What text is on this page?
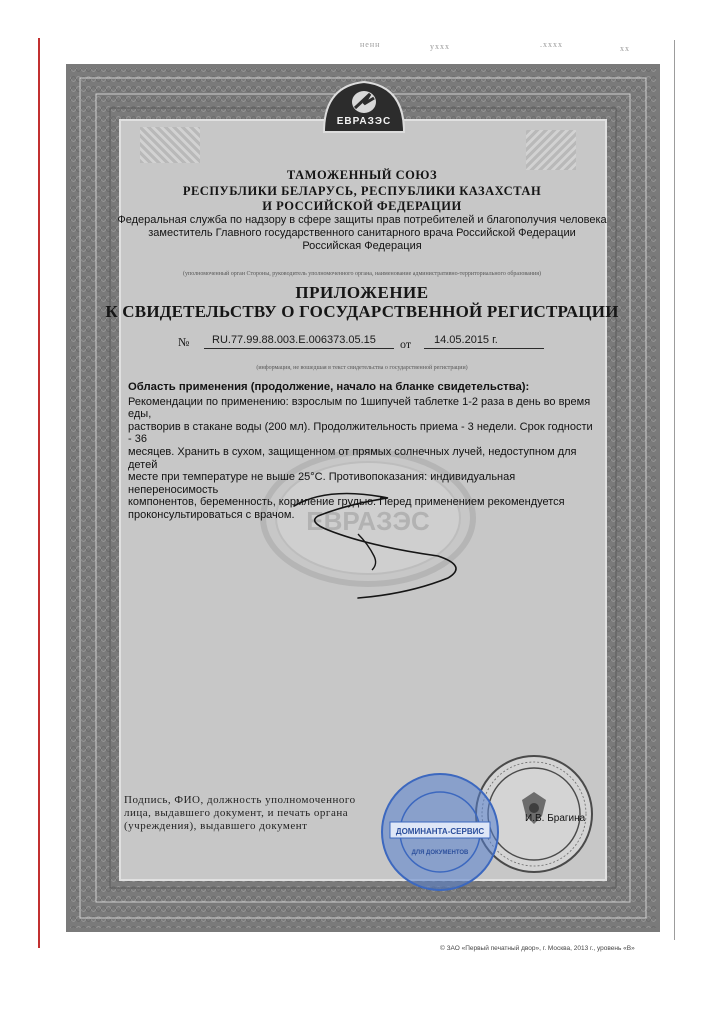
ненн	уххх	.хххх	хх
ЕВРАЗЭС
ТАМОЖЕННЫЙ СОЮЗ
РЕСПУБЛИКИ БЕЛАРУСЬ, РЕСПУБЛИКИ КАЗАХСТАН
И РОССИЙСКОЙ ФЕДЕРАЦИИ
Федеральная служба по надзору в сфере защиты прав потребителей и благополучия человека
заместитель Главного государственного санитарного врача Российской Федерации
Российская Федерация
(уполномоченный орган Стороны, руководитель уполномоченного органа, наименование административно-территориального образования)
ПРИЛОЖЕНИЕ
К СВИДЕТЕЛЬСТВУ О ГОСУДАРСТВЕННОЙ РЕГИСТРАЦИИ
№ RU.77.99.88.003.E.006373.05.15 от 14.05.2015 г.
(информация, не вошедшая в текст свидетельства о государственной регистрации)
ЕВРАЗЭС
Область применения (продолжение, начало на бланке свидетельства):
Рекомендации по применению: взрослым по 1шипучей таблетке 1-2 раза в день во время еды,
растворив в стакане воды (200 мл). Продолжительность приема - 3 недели. Срок годности - 36
месяцев. Хранить в сухом, защищенном от прямых солнечных лучей, недоступном для детей
месте при температуре не выше 25°С. Противопоказания: индивидуальная непереносимость
компонентов, беременность, кормление грудью. Перед применением рекомендуется
проконсультироваться с врачом.
Подпись, ФИО, должность уполномоченного
лица, выдавшего документ, и печать органа
(учреждения), выдавшего документ	ДОМИНАНТА-СЕРВИС
ДЛЯ ДОКУМЕНТОВ
И.В. Брагина
© ЗАО «Первый печатный двор», г. Москва, 2013 г., уровень «В»
